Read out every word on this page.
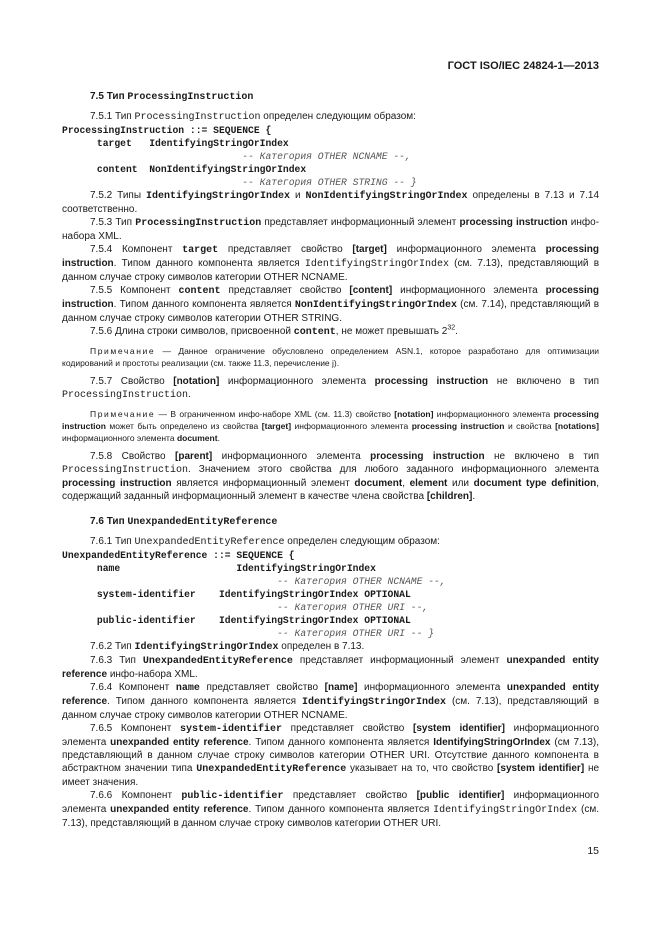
ГОСТ ISO/IEC 24824-1—2013

7.5 Тип ProcessingInstruction

7.5.1 Тип ProcessingInstruction определен следующим образом:

ProcessingInstruction ::= SEQUENCE {

target   IdentifyingStringOrIndex

-- Категория OTHER NCNAME --,

content  NonIdentifyingStringOrIndex

-- Категория OTHER STRING -- }

7.5.2 Типы IdentifyingStringOrIndex и NonIdentifyingStringOrIndex определены в 7.13 и 7.14 соответственно.

7.5.3 Тип ProcessingInstruction представляет информационный элемент processing instruction инфо-набора XML.

7.5.4 Компонент target представляет свойство [target] информационного элемента processing instruction. Типом данного компонента является IdentifyingStringOrIndex (см. 7.13), представляющий в данном случае строку символов категории OTHER NCNAME.

7.5.5 Компонент content представляет свойство [content] информационного элемента processing instruction. Типом данного компонента является NonIdentifyingStringOrIndex (см. 7.14), представляющий в данном случае строку символов категории OTHER STRING.

7.5.6 Длина строки символов, присвоенной content, не может превышать $2^{32}$.

Примечание — Данное ограничение обусловлено определением ASN.1, которое разработано для оптимизации кодирований и простоты реализации (см. также 11.3, перечисление j).

7.5.7 Свойство [notation] информационного элемента processing instruction не включено в тип ProcessingInstruction.

Примечание — В ограниченном инфо-наборе XML (см. 11.3) свойство [notation] информационного элемента processing instruction может быть определено из свойства [target] информационного элемента processing instruction и свойства [notations] информационного элемента document.

7.5.8 Свойство [parent] информационного элемента processing instruction не включено в тип ProcessingInstruction. Значением этого свойства для любого заданного информационного элемента processing instruction является информационный элемент document, element или document type definition, содержащий заданный информационный элемент в качестве члена свойства [children].

7.6 Тип UnexpandedEntityReference

7.6.1 Тип UnexpandedEntityReference определен следующим образом:

UnexpandedEntityReference ::= SEQUENCE {

name                    IdentifyingStringOrIndex

-- Категория OTHER NCNAME --,

system-identifier    IdentifyingStringOrIndex OPTIONAL

-- Категория OTHER URI --,

public-identifier    IdentifyingStringOrIndex OPTIONAL

-- Категория OTHER URI -- }

7.6.2 Тип IdentifyingStringOrIndex определен в 7.13.

7.6.3 Тип UnexpandedEntityReference представляет информационный элемент unexpanded entity reference инфо-набора XML.

7.6.4 Компонент name представляет свойство [name] информационного элемента unexpanded entity reference. Типом данного компонента является IdentifyingStringOrIndex (см. 7.13), представляющий в данном случае строку символов категории OTHER NCNAME.

7.6.5 Компонент system-identifier представляет свойство [system identifier] информационного элемента unexpanded entity reference. Типом данного компонента является IdentifyingStringOrIndex (см 7.13), представляющий в данном случае строку символов категории OTHER URI. Отсутствие данного компонента в абстрактном значении типа UnexpandedEntityReference указывает на то, что свойство [system identifier] не имеет значения.

7.6.6 Компонент public-identifier представляет свойство [public identifier] информационного элемента unexpanded entity reference. Типом данного компонента является IdentifyingStringOrIndex (см. 7.13), представляющий в данном случае строку символов категории OTHER URI.

15
